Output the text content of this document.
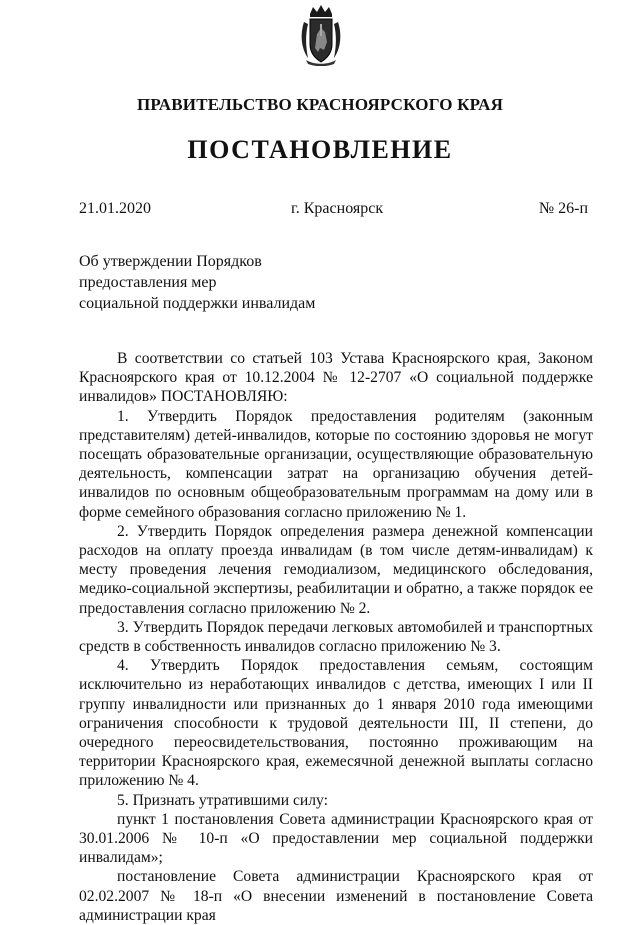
ПРАВИТЕЛЬСТВО КРАСНОЯРСКОГО КРАЯ
ПОСТАНОВЛЕНИЕ
21.01.2020	г. Красноярск	№ 26-п
Об утверждении Порядков
предоставления мер
социальной поддержки инвалидам

В соответствии со статьей 103 Устава Красноярского края, Законом Красноярского края от 10.12.2004 № 12-2707 «О социальной поддержке инвалидов» ПОСТАНОВЛЯЮ:

1. Утвердить Порядок предоставления родителям (законным представителям) детей-инвалидов, которые по состоянию здоровья не могут посещать образовательные организации, осуществляющие образовательную деятельность, компенсации затрат на организацию обучения детей-инвалидов по основным общеобразовательным программам на дому или в форме семейного образования согласно приложению № 1.

2. Утвердить Порядок определения размера денежной компенсации расходов на оплату проезда инвалидам (в том числе детям-инвалидам) к месту проведения лечения гемодиализом, медицинского обследования, медико-социальной экспертизы, реабилитации и обратно, а также порядок ее предоставления согласно приложению № 2.

3. Утвердить Порядок передачи легковых автомобилей и транспортных средств в собственность инвалидов согласно приложению № 3.

4. Утвердить Порядок предоставления семьям, состоящим исключительно из неработающих инвалидов с детства, имеющих I или II группу инвалидности или признанных до 1 января 2010 года имеющими ограничения способности к трудовой деятельности III, II степени, до очередного переосвидетельствования, постоянно проживающим на территории Красноярского края, ежемесячной денежной выплаты согласно приложению № 4.

5. Признать утратившими силу:

пункт 1 постановления Совета администрации Красноярского края от 30.01.2006 № 10-п «О предоставлении мер социальной поддержки инвалидам»;

постановление Совета администрации Красноярского края от 02.02.2007 № 18-п «О внесении изменений в постановление Совета администрации края
